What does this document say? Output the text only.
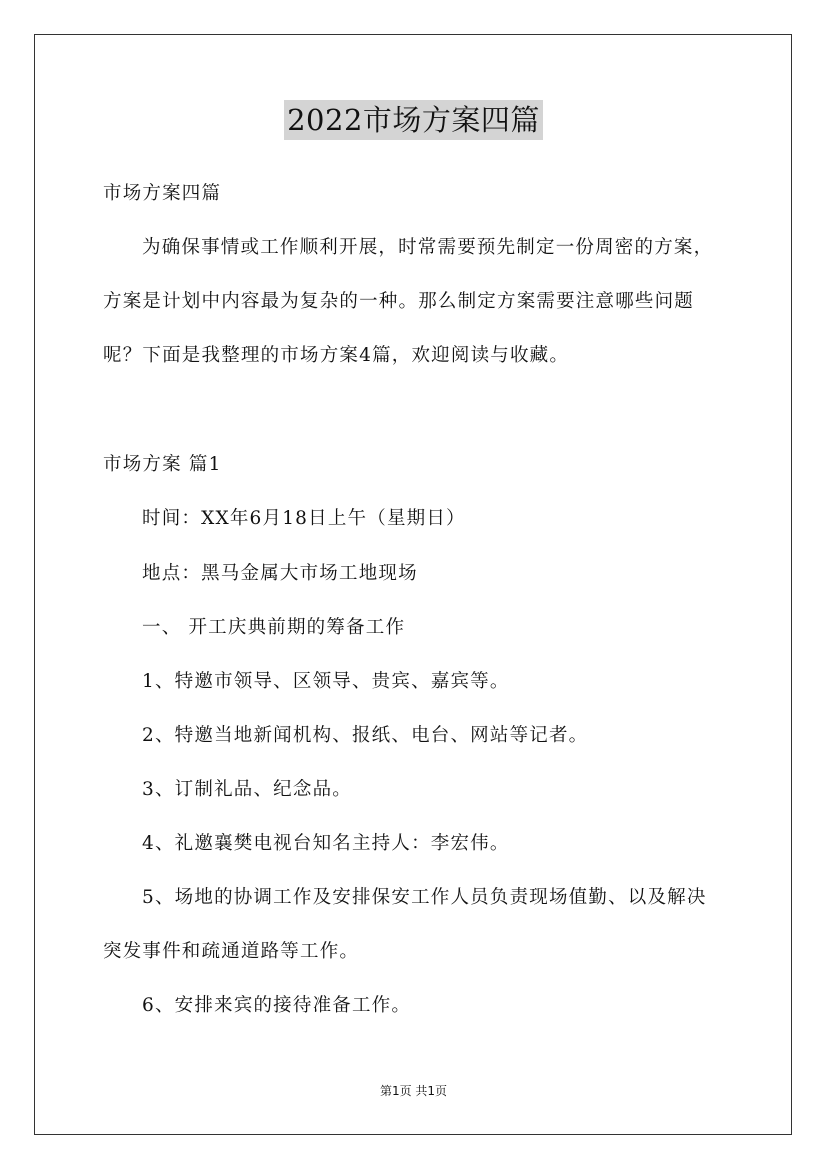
2022市场方案四篇
市场方案四篇
为确保事情或工作顺利开展，时常需要预先制定一份周密的方案，
方案是计划中内容最为复杂的一种。那么制定方案需要注意哪些问题
呢？下面是我整理的市场方案4篇，欢迎阅读与收藏。
市场方案 篇1
时间：XX年6月18日上午（星期日）
地点：黑马金属大市场工地现场
一、 开工庆典前期的筹备工作
1、特邀市领导、区领导、贵宾、嘉宾等。
2、特邀当地新闻机构、报纸、电台、网站等记者。
3、订制礼品、纪念品。
4、礼邀襄樊电视台知名主持人：李宏伟。
5、场地的协调工作及安排保安工作人员负责现场值勤、以及解决
突发事件和疏通道路等工作。
6、安排来宾的接待准备工作。
第1页 共1页
